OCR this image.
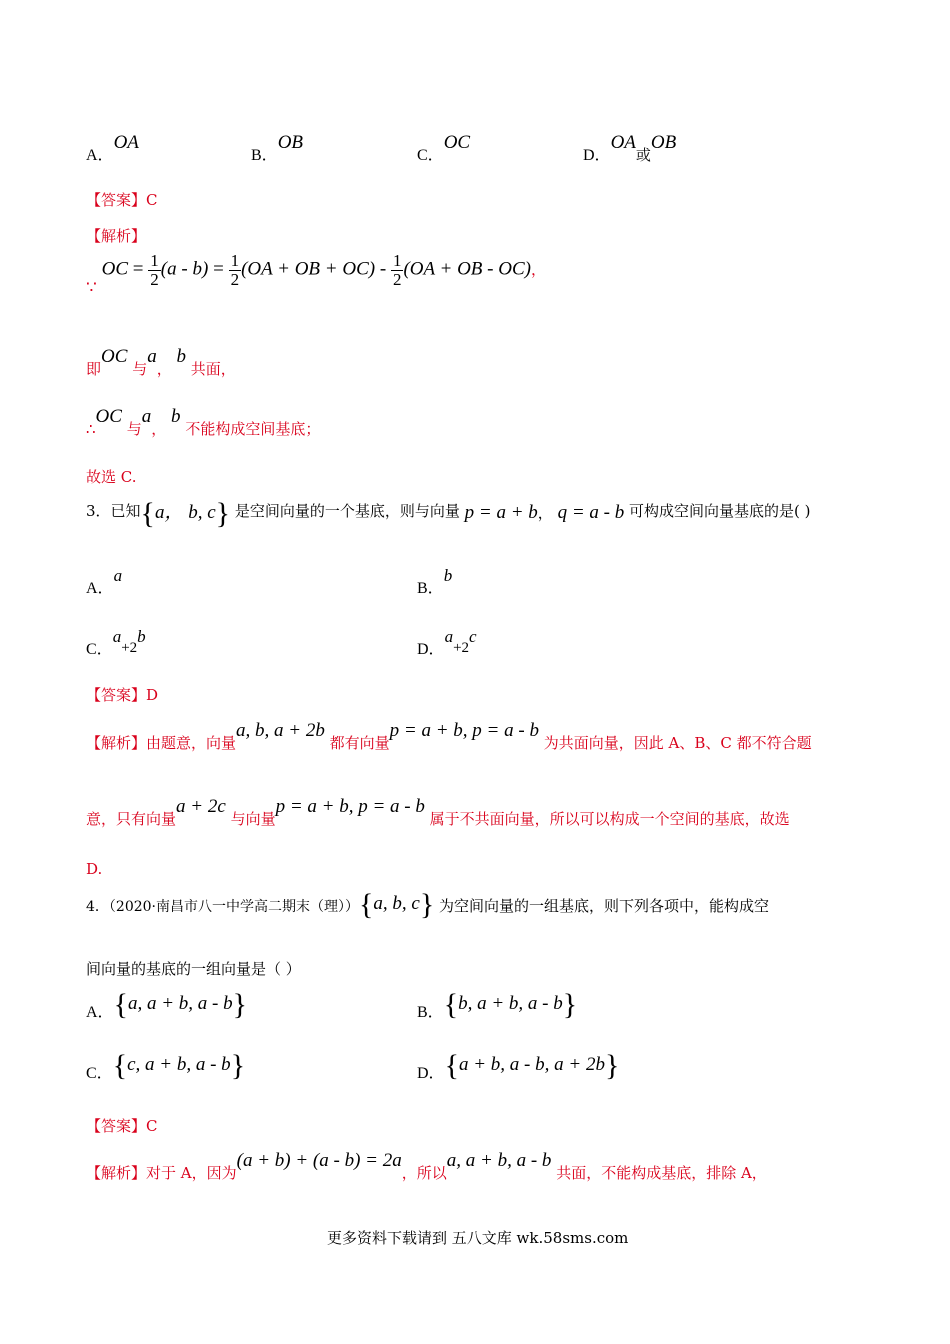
A．OA
B．OB
C．OC
D．OA或OB
【答案】C
【解析】
∵ OC = $\frac{1}{2} (a - b) = \frac{1}{2} (OA$ + OB + $OC) - \frac{1}{2} (OA$ + OB - OC)，
即OC 与a， b 共面，
∴OC 与a， b 不能构成空间基底；
故选 C.
3．已知{a， b, c} 是空间向量的一个基底，则与向量 p = a + b， q = a - b 可构成空间向量基底的是( )
A．a
B．b
C．a+2b
D．a+2c
【答案】D
【解析】由题意，向量a, b, a + 2b 都有向量p = a + b, p = a - b 为共面向量，因此 A、B、C 都不符合题
意，只有向量a + 2c 与向量p = a + b, p = a - b 属于不共面向量，所以可以构成一个空间的基底，故选
D.
4．（2020·南昌市八一中学高二期末（理））{a, b, c} 为空间向量的一组基底，则下列各项中，能构成空
间向量的基底的一组向量是（ ）
A．{a, a + b, a - b}	B．{b, a + b, a - b}
C．{c, a + b, a - b}	D．{a + b, a - b, a + 2b}
【答案】C
【解析】对于 A，因为(a + b) + (a - b) = 2a，所以a, a + b, a - b 共面，不能构成基底，排除 A，
更多资料下载请到 五八文库 wk.58sms.com
